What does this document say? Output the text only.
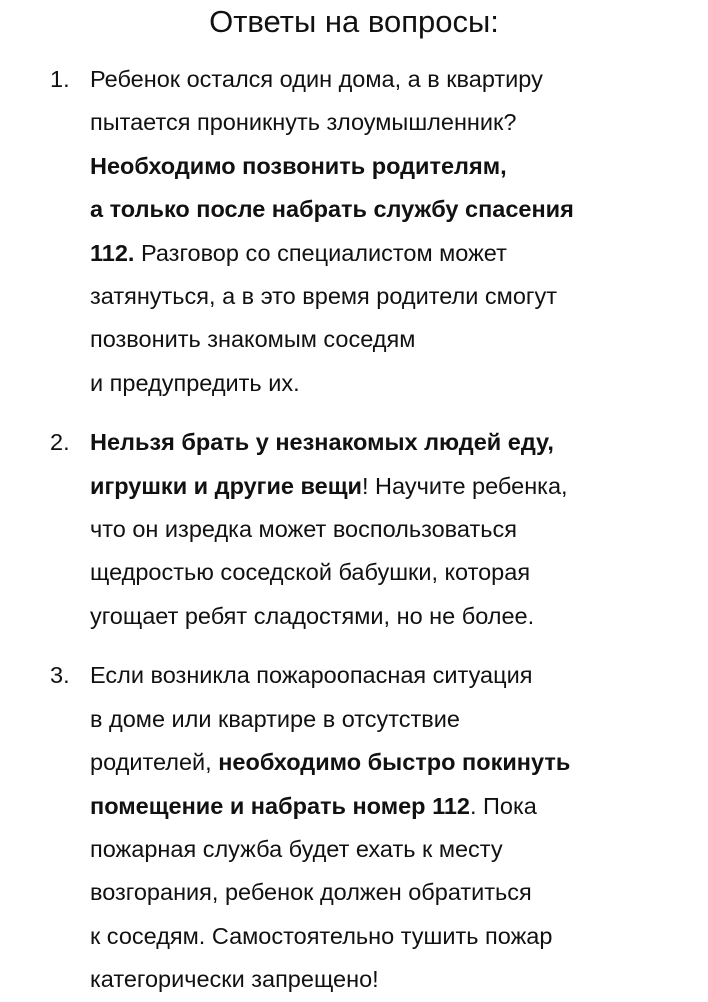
Ответы на вопросы:
1. Ребенок остался один дома, а в квартиру
пытается проникнуть злоумышленник?
Необходимо позвонить родителям,
а только после набрать службу спасения
112. Разговор со специалистом может
затянуться, а в это время родители смогут
позвонить знакомым соседям
и предупредить их.
2. Нельзя брать у незнакомых людей еду,
игрушки и другие вещи! Научите ребенка,
что он изредка может воспользоваться
щедростью соседской бабушки, которая
угощает ребят сладостями, но не более.
3. Если возникла пожароопасная ситуация
в доме или квартире в отсутствие
родителей, необходимо быстро покинуть
помещение и набрать номер 112. Пока
пожарная служба будет ехать к месту
возгорания, ребенок должен обратиться
к соседям. Самостоятельно тушить пожар
категорически запрещено!
